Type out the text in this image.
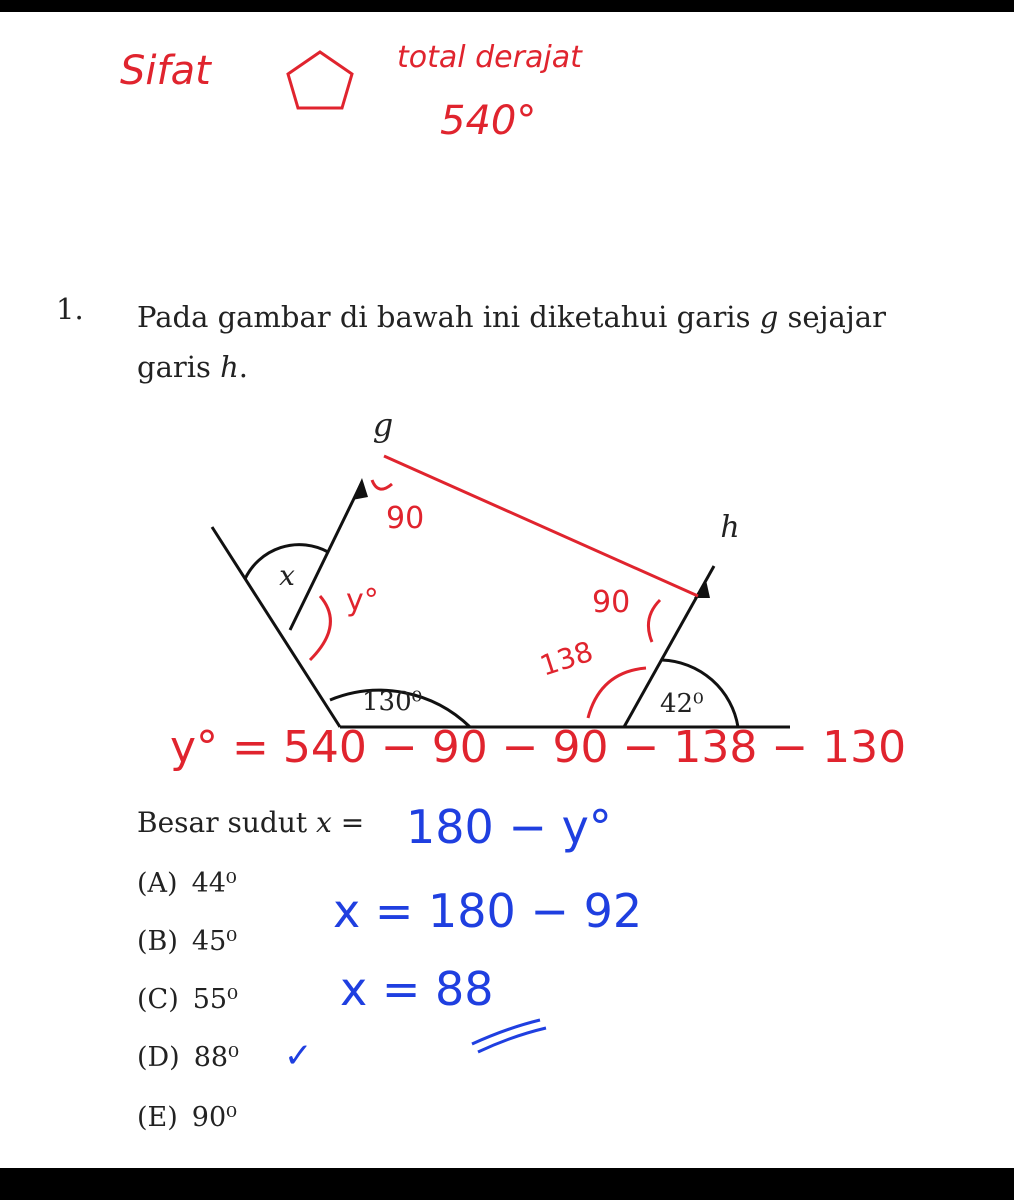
Sifat	total derajat
540°
1. Pada gambar di bawah ini diketahui garis g sejajar garis h.
g
h
x
130⁰	42⁰
90
y°	90
138
y° = 540 − 90 − 90 − 138 − 130
Besar sudut x = 180 − y°
x = 180 − 92
x = 88
(A) 44⁰
(B) 45⁰
(C) 55⁰
(D) 88⁰
(E) 90⁰
✓
